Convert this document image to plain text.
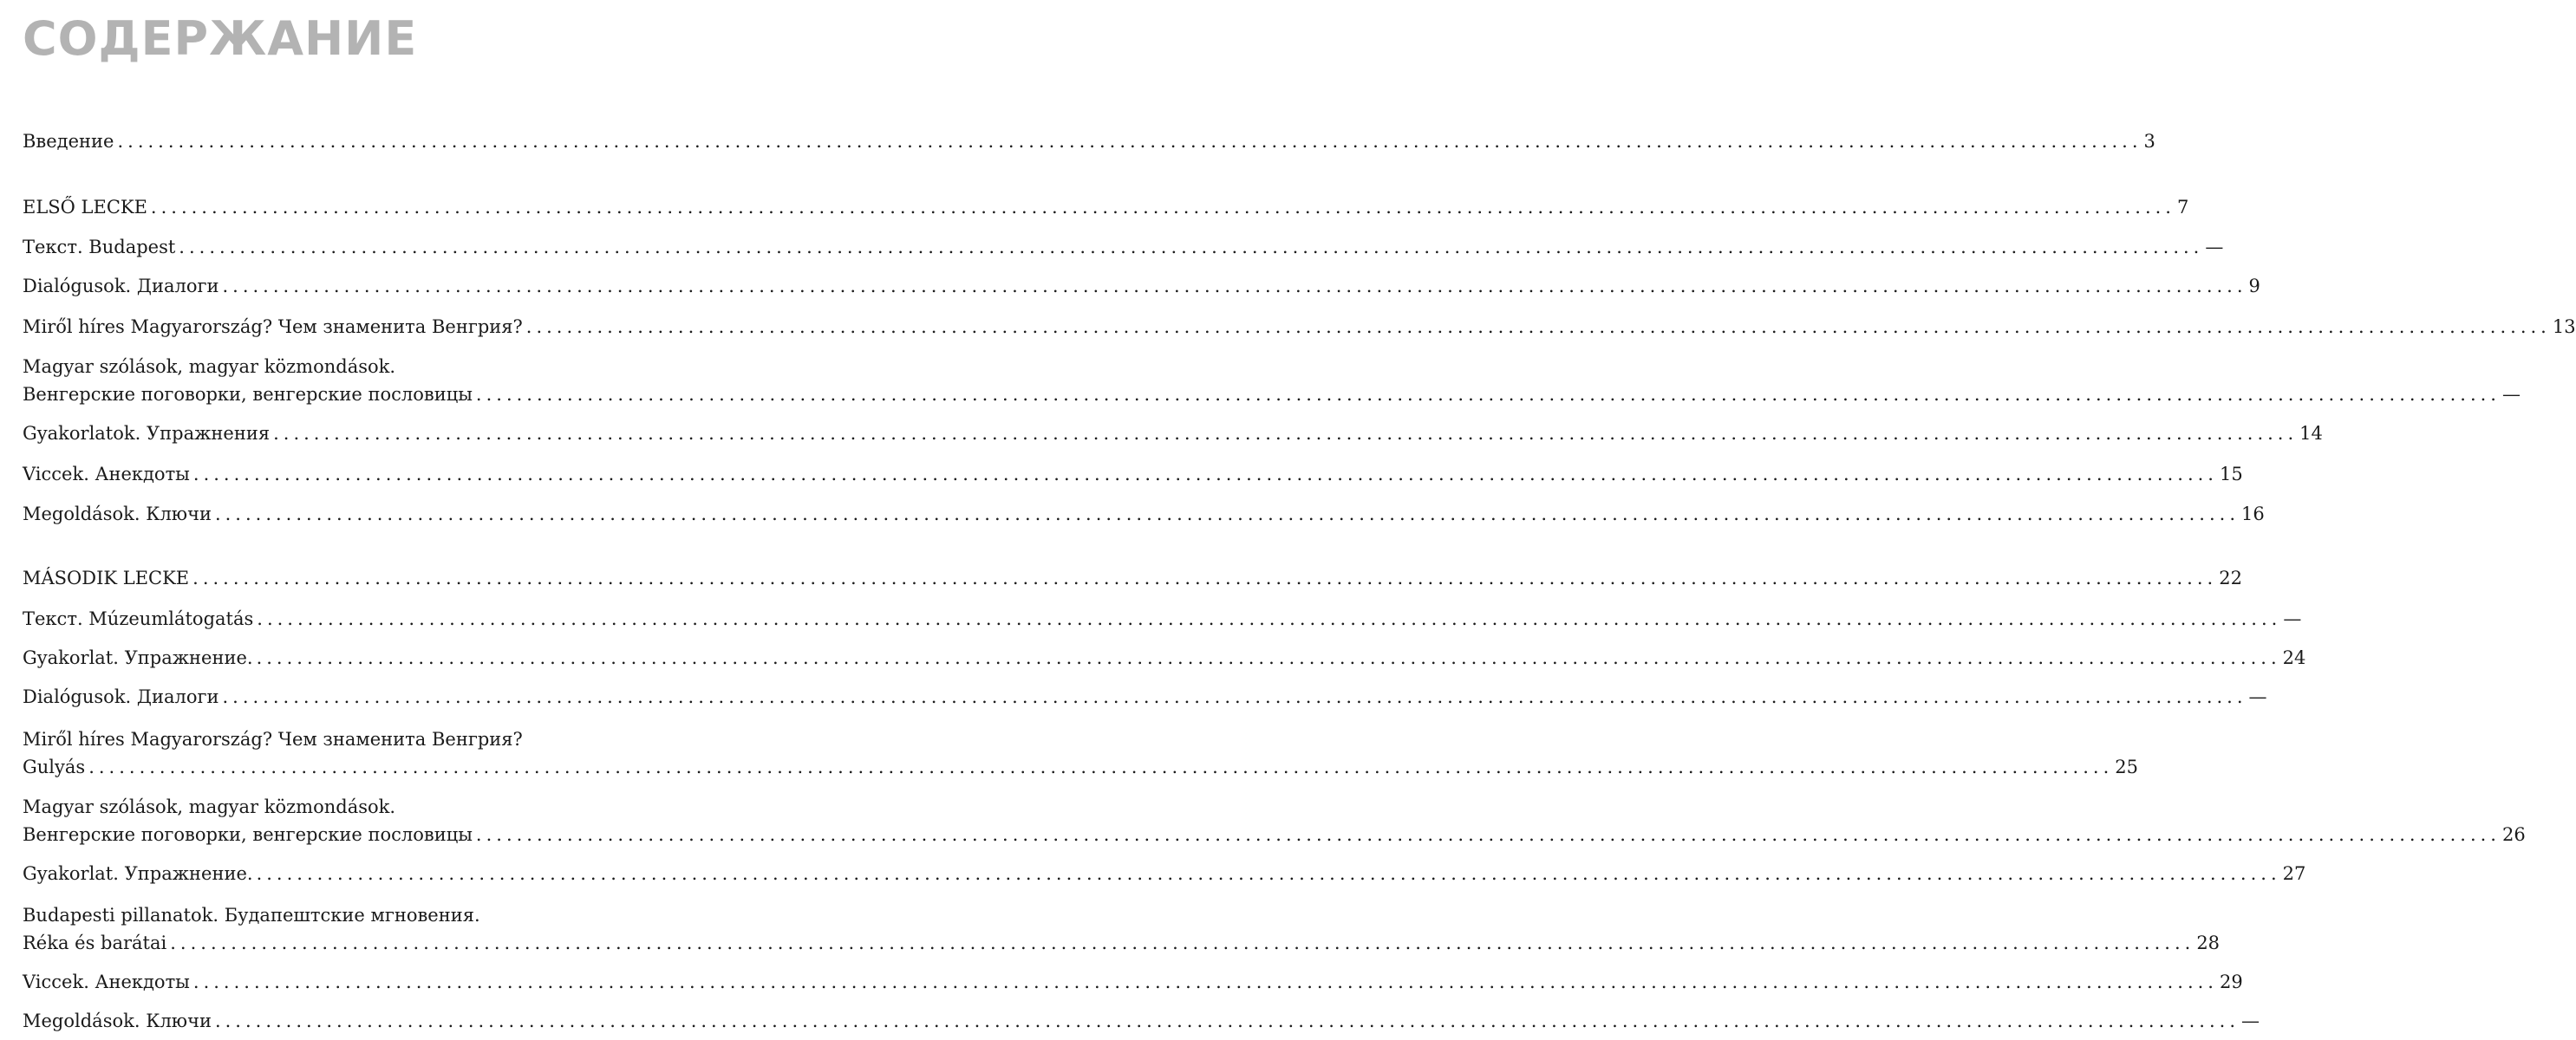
СОДЕРЖАНИЕ
Введение ........................................................................................................................................................................................................ 3
ELSŐ LECKE ........................................................................................................................................................................................................ 7
Текст. Budapest ........................................................................................................................................................................................................ —
Dialógusok. Диалоги ........................................................................................................................................................................................................ 9
Miről híres Magyarország? Чем знаменита Венгрия? ........................................................................................................................................................................................................ 13
Magyar szólások, magyar közmondások.
Венгерские поговорки, венгерские пословицы ........................................................................................................................................................................................................ —
Gyakorlatok. Упражнения ........................................................................................................................................................................................................ 14
Viccek. Анекдоты ........................................................................................................................................................................................................ 15
Megoldások. Ключи ........................................................................................................................................................................................................ 16
MÁSODIK LECKE ........................................................................................................................................................................................................ 22
Текст. Múzeumlátogatás ........................................................................................................................................................................................................ —
Gyakorlat. Упражнение. ........................................................................................................................................................................................................ 24
Dialógusok. Диалоги ........................................................................................................................................................................................................ —
Miről híres Magyarország? Чем знаменита Венгрия?
Gulyás ........................................................................................................................................................................................................ 25
Magyar szólások, magyar közmondások.
Венгерские поговорки, венгерские пословицы ........................................................................................................................................................................................................ 26
Gyakorlat. Упражнение. ........................................................................................................................................................................................................ 27
Budapesti pillanatok. Будапештские мгновения.
Réka és barátai ........................................................................................................................................................................................................ 28
Viccek. Анекдоты ........................................................................................................................................................................................................ 29
Megoldások. Ключи ........................................................................................................................................................................................................ —
